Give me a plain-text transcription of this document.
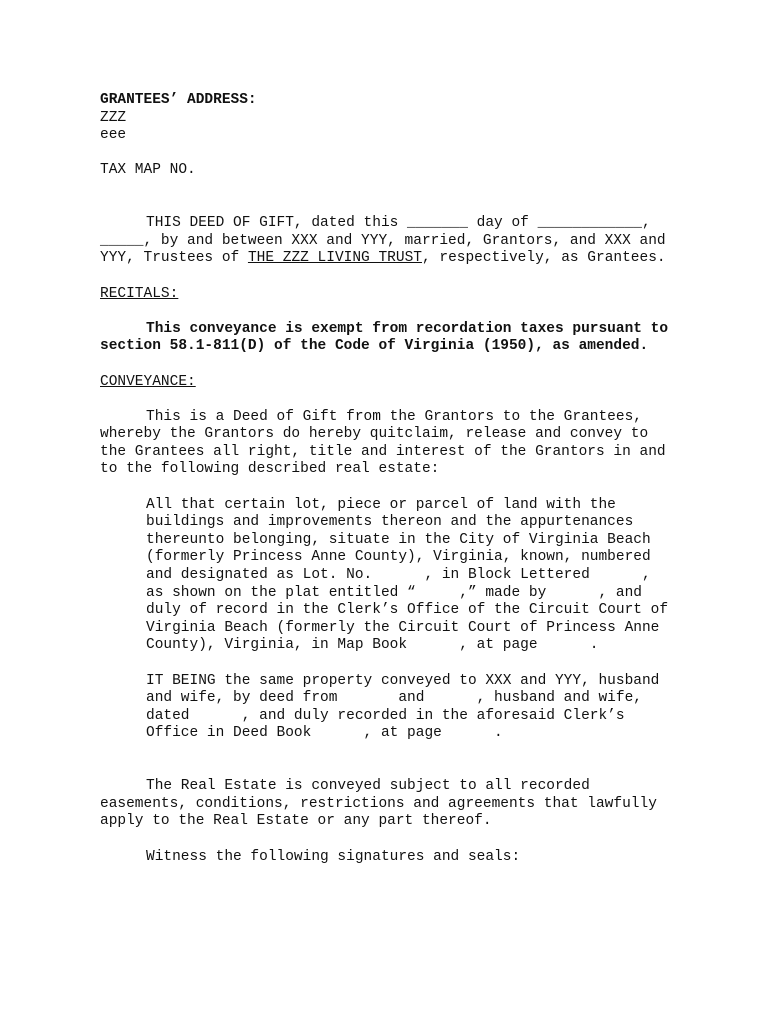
GRANTEES’ ADDRESS:
ZZZ
eee
TAX MAP NO.
THIS DEED OF GIFT, dated this _______ day of ____________,
_____, by and between XXX and YYY, married, Grantors, and XXX and
YYY, Trustees of THE ZZZ LIVING TRUST, respectively, as Grantees.
RECITALS:
This conveyance is exempt from recordation taxes pursuant to
section 58.1-811(D) of the Code of Virginia (1950), as amended.
CONVEYANCE:
This is a Deed of Gift from the Grantors to the Grantees,
whereby the Grantors do hereby quitclaim, release and convey to
the Grantees all right, title and interest of the Grantors in and
to the following described real estate:
All that certain lot, piece or parcel of land with the
buildings and improvements thereon and the appurtenances
thereunto belonging, situate in the City of Virginia Beach
(formerly Princess Anne County), Virginia, known, numbered
and designated as Lot. No.      , in Block Lettered      ,
as shown on the plat entitled “     ,” made by      , and
duly of record in the Clerk’s Office of the Circuit Court of
Virginia Beach (formerly the Circuit Court of Princess Anne
County), Virginia, in Map Book      , at page      .
IT BEING the same property conveyed to XXX and YYY, husband
and wife, by deed from       and      , husband and wife,
dated      , and duly recorded in the aforesaid Clerk’s
Office in Deed Book      , at page      .
The Real Estate is conveyed subject to all recorded
easements, conditions, restrictions and agreements that lawfully
apply to the Real Estate or any part thereof.
Witness the following signatures and seals:
